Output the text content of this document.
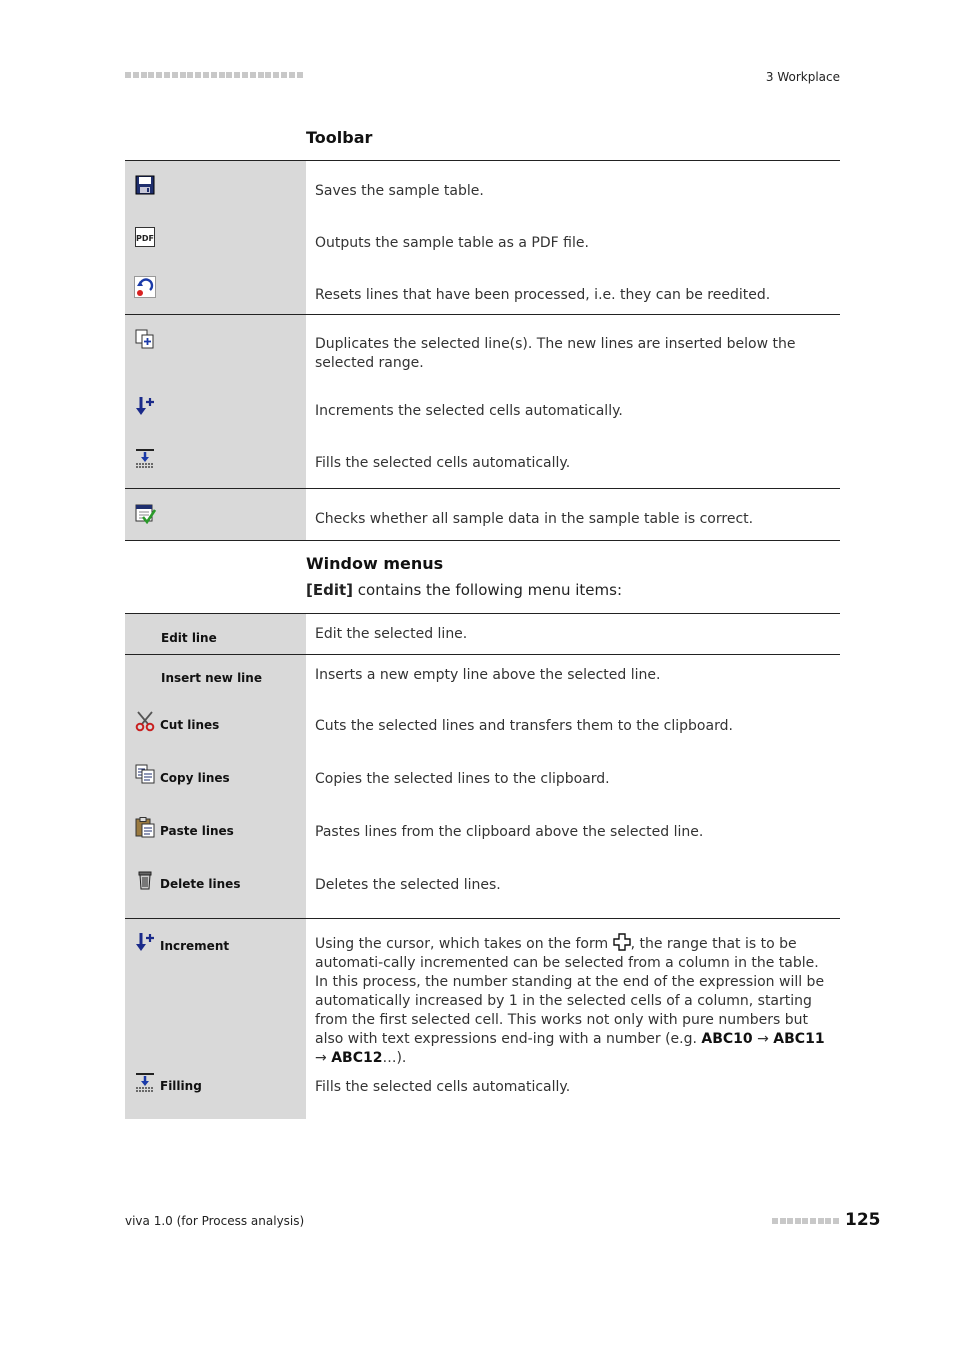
3 Workplace
Toolbar

Saves the sample table.

PDF	Outputs the sample table as a PDF file.

Resets lines that have been processed, i.e. they can be reedited.

Duplicates the selected line(s). The new lines are inserted below the selected range.

Increments the selected cells automatically.

Fills the selected cells automatically.

Checks whether all sample data in the sample table is correct.
Window menus
[Edit] contains the following menu items:
Edit line	Edit the selected line.

Insert new line	Inserts a new empty line above the selected line.

Cut lines	Cuts the selected lines and transfers them to the clipboard.

Copy lines	Copies the selected lines to the clipboard.

Paste lines	Pastes lines from the clipboard above the selected line.

Delete lines	Deletes the selected lines.

Increment	Using the cursor, which takes on the form
, the range that is to be automati-cally incremented can be selected from a column in the table. In this process, the number standing at the end of the expression will be automatically increased by 1 in the selected cells of a column, starting from the first selected cell. This works not only with pure numbers but also with text expressions end-ing with a number (e.g. ABC10 → ABC11 → ABC12…).

Filling	Fills the selected cells automatically.
viva 1.0 (for Process analysis)	125
